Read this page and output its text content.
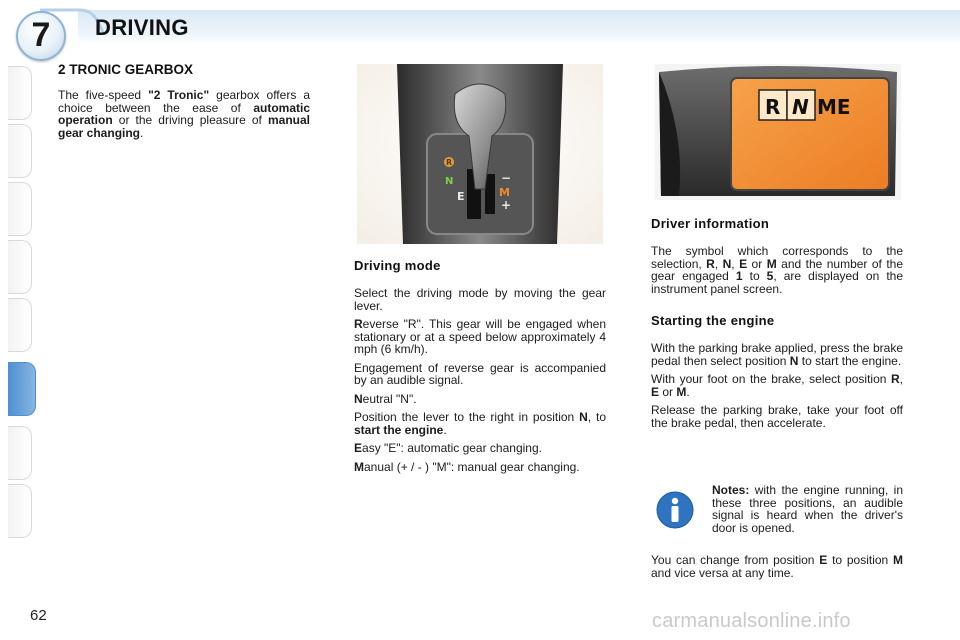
7 DRIVING
2 TRONIC GEARBOX

The five-speed "2 Tronic" gearbox offers a choice between the ease of automatic operation or the driving pleasure of manual gear changing.

R
N
E	M
−
+
R N ME
Driving mode

Select the driving mode by moving the gear lever.

Reverse "R". This gear will be engaged when stationary or at a speed below approximately 4 mph (6 km/h).

Engagement of reverse gear is accompanied by an audible signal.

Neutral "N".

Position the lever to the right in position N, to start the engine.

Easy "E": automatic gear changing.

Manual (+ / - ) "M": manual gear changing.

Driver information

The symbol which corresponds to the selection, R, N, E or M and the number of the gear engaged 1 to 5, are displayed on the instrument panel screen.

Starting the engine

With the parking brake applied, press the brake pedal then select position N to start the engine.

With your foot on the brake, select position R, E or M.

Release the parking brake, take your foot off the brake pedal, then accelerate.

Notes: with the engine running, in these three positions, an audible signal is heard when the driver's door is opened.

You can change from position E to position M and vice versa at any time.

62	carmanualsonline.info
